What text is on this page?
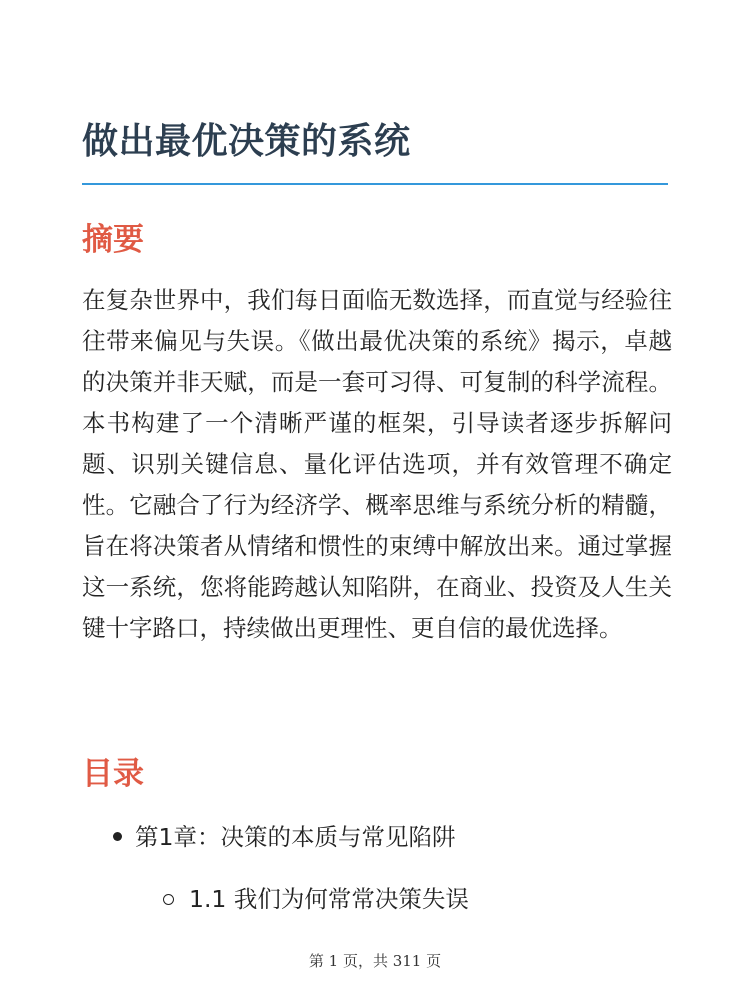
做出最优决策的系统
摘要

在复杂世界中，我们每日面临无数选择，而直觉与经验往往带来偏见与失误。《做出最优决策的系统》揭示，卓越的决策并非天赋，而是一套可习得、可复制的科学流程。本书构建了一个清晰严谨的框架，引导读者逐步拆解问题、识别关键信息、量化评估选项，并有效管理不确定性。它融合了行为经济学、概率思维与系统分析的精髓，旨在将决策者从情绪和惯性的束缚中解放出来。通过掌握这一系统，您将能跨越认知陷阱，在商业、投资及人生关键十字路口，持续做出更理性、更自信的最优选择。

目录
第1章：决策的本质与常见陷阱
1.1 我们为何常常决策失误
第 1 页，共 311 页
